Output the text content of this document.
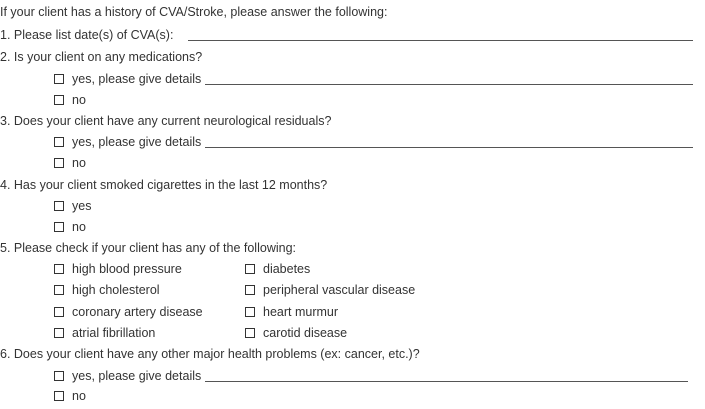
If your client has a history of CVA/Stroke, please answer the following:
1. Please list date(s) of CVA(s):
2. Is your client on any medications?
yes, please give details
no
3. Does your client have any current neurological residuals?
yes, please give details
no
4. Has your client smoked cigarettes in the last 12 months?
yes
no
5. Please check if your client has any of the following:
high blood pressure
high cholesterol
coronary artery disease
atrial fibrillation
diabetes
peripheral vascular disease
heart murmur
carotid disease
6. Does your client have any other major health problems (ex: cancer, etc.)?
yes, please give details
no
